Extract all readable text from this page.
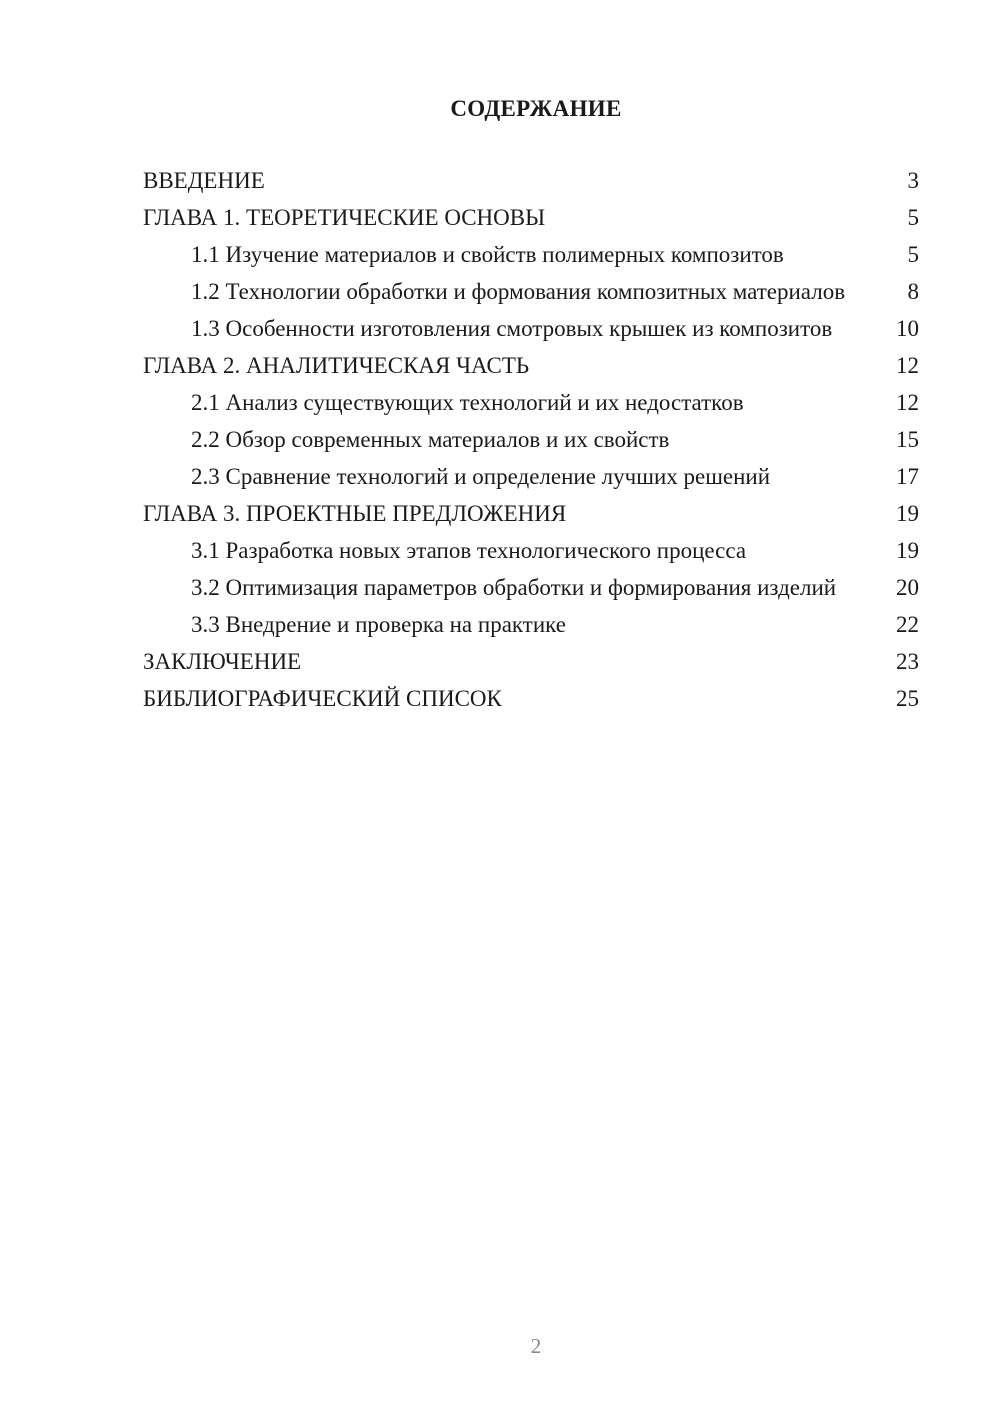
СОДЕРЖАНИЕ
ВВЕДЕНИЕ	3
ГЛАВА 1. ТЕОРЕТИЧЕСКИЕ ОСНОВЫ	5
1.1 Изучение материалов и свойств полимерных композитов	5
1.2 Технологии обработки и формования композитных материалов	8
1.3 Особенности изготовления смотровых крышек из композитов	10
ГЛАВА 2. АНАЛИТИЧЕСКАЯ ЧАСТЬ	12
2.1 Анализ существующих технологий и их недостатков	12
2.2 Обзор современных материалов и их свойств	15
2.3 Сравнение технологий и определение лучших решений	17
ГЛАВА 3. ПРОЕКТНЫЕ ПРЕДЛОЖЕНИЯ	19
3.1 Разработка новых этапов технологического процесса	19
3.2 Оптимизация параметров обработки и формирования изделий	20
3.3 Внедрение и проверка на практике	22
ЗАКЛЮЧЕНИЕ	23
БИБЛИОГРАФИЧЕСКИЙ СПИСОК	25
2
